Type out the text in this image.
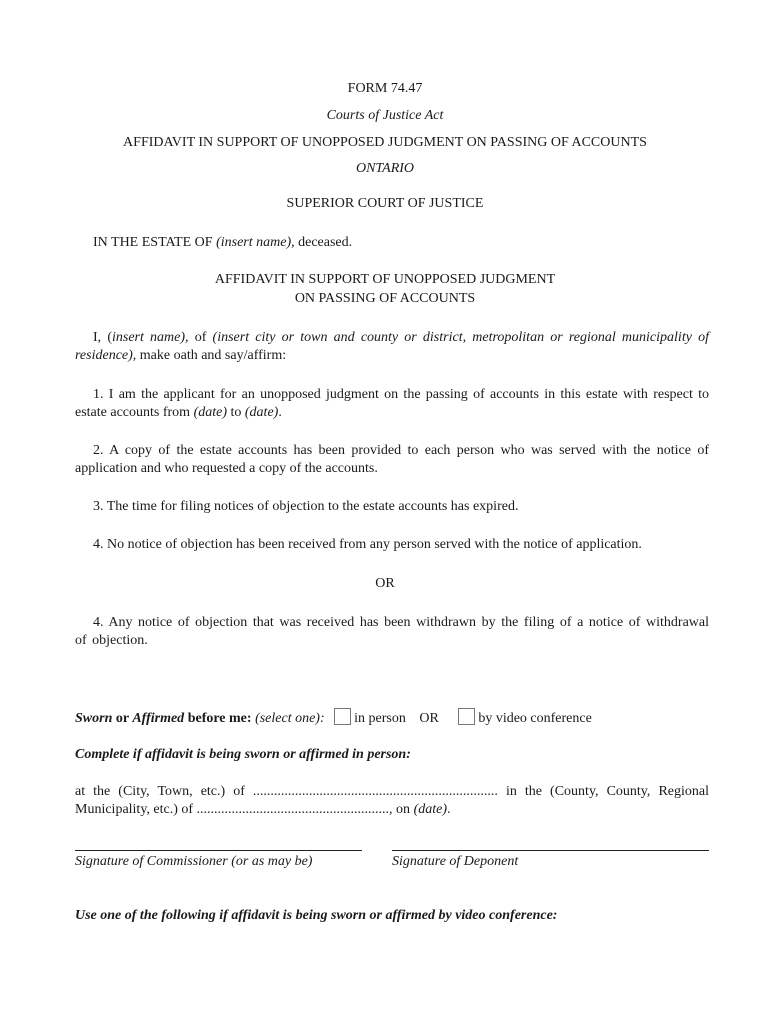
FORM 74.47
Courts of Justice Act
AFFIDAVIT IN SUPPORT OF UNOPPOSED JUDGMENT ON PASSING OF ACCOUNTS
ONTARIO
SUPERIOR COURT OF JUSTICE
IN THE ESTATE OF (insert name), deceased.
AFFIDAVIT IN SUPPORT OF UNOPPOSED JUDGMENT
ON PASSING OF ACCOUNTS
I, (insert name), of (insert city or town and county or district, metropolitan or regional municipality of residence), make oath and say/affirm:
1. I am the applicant for an unopposed judgment on the passing of accounts in this estate with respect to estate accounts from (date) to (date).
2. A copy of the estate accounts has been provided to each person who was served with the notice of application and who requested a copy of the accounts.
3. The time for filing notices of objection to the estate accounts has expired.
4. No notice of objection has been received from any person served with the notice of application.
OR
4. Any notice of objection that was received has been withdrawn by the filing of a notice of withdrawal of objection.
Sworn or Affirmed before me: (select one): in person OR	by video conference
Complete if affidavit is being sworn or affirmed in person:
at the (City, Town, etc.) of ...................................................................... in the (County, County, Regional Municipality, etc.) of ......................................................., on (date).
Signature of Commissioner (or as may be)	Signature of Deponent
Use one of the following if affidavit is being sworn or affirmed by video conference:
